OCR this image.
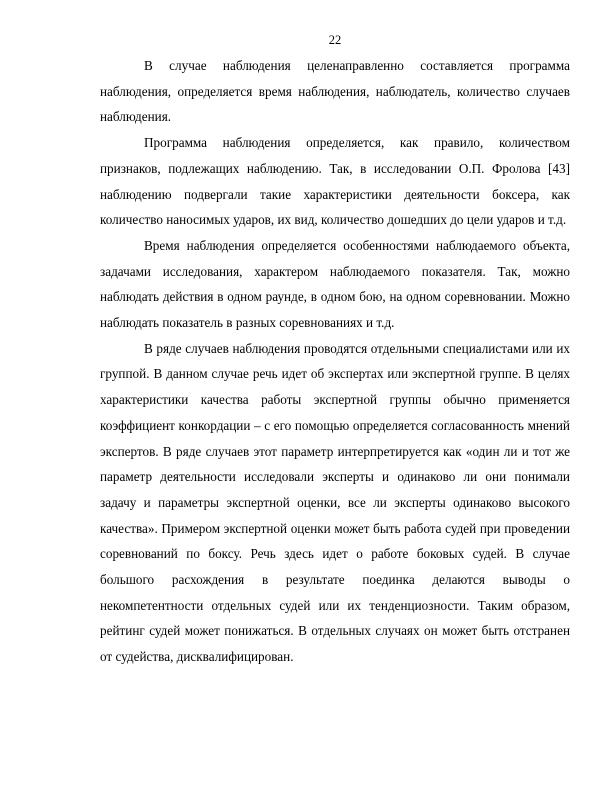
22

В случае наблюдения целенаправленно составляется программа наблюдения, определяется время наблюдения, наблюдатель, количество случаев наблюдения.

Программа наблюдения определяется, как правило, количеством признаков, подлежащих наблюдению. Так, в исследовании О.П. Фролова [43] наблюдению подвергали такие характеристики деятельности боксера, как количество наносимых ударов, их вид, количество дошедших до цели ударов и т.д.

Время наблюдения определяется особенностями наблюдаемого объекта, задачами исследования, характером наблюдаемого показателя. Так, можно наблюдать действия в одном раунде, в одном бою, на одном соревновании. Можно наблюдать показатель в разных соревнованиях и т.д.

В ряде случаев наблюдения проводятся отдельными специалистами или их группой. В данном случае речь идет об экспертах или экспертной группе. В целях характеристики качества работы экспертной группы обычно применяется коэффициент конкордации – с его помощью определяется согласованность мнений экспертов. В ряде случаев этот параметр интерпретируется как «один ли и тот же параметр деятельности исследовали эксперты и одинаково ли они понимали задачу и параметры экспертной оценки, все ли эксперты одинаково высокого качества». Примером экспертной оценки может быть работа судей при проведении соревнований по боксу. Речь здесь идет о работе боковых судей. В случае большого расхождения в результате поединка делаются выводы о некомпетентности отдельных судей или их тенденциозности. Таким образом, рейтинг судей может понижаться. В отдельных случаях он может быть отстранен от судейства, дисквалифицирован.
